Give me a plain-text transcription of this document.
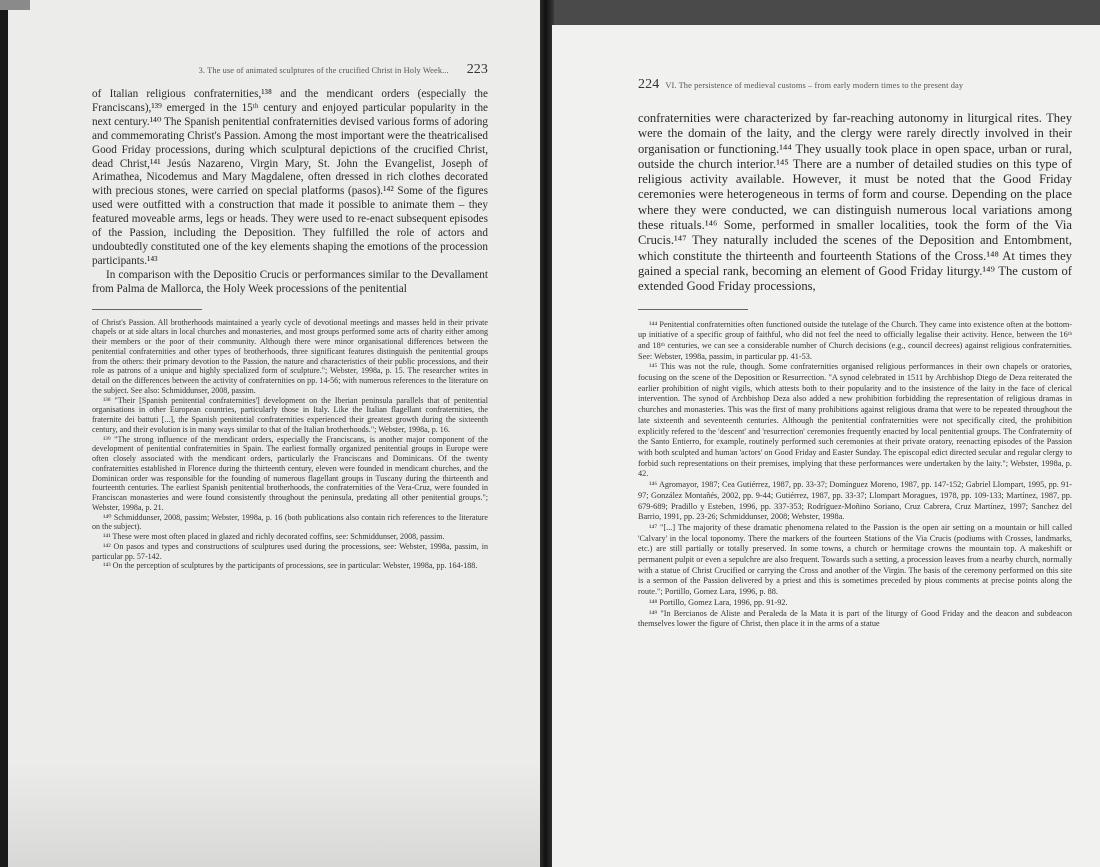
3. The use of animated sculptures of the crucified Christ in Holy Week... 223

of Italian religious confraternities,¹³⁸ and the mendicant orders (especially the Franciscans),¹³⁹ emerged in the 15ᵗʰ century and enjoyed particular popularity in the next century.¹⁴⁰ The Spanish penitential confraternities devised various forms of adoring and commemorating Christ's Passion. Among the most important were the theatricalised Good Friday processions, during which sculptural depictions of the crucified Christ, dead Christ,¹⁴¹ Jesús Nazareno, Virgin Mary, St. John the Evangelist, Joseph of Arimathea, Nicodemus and Mary Magdalene, often dressed in rich clothes decorated with precious stones, were carried on special platforms (pasos).¹⁴² Some of the figures used were outfitted with a construction that made it possible to animate them – they featured moveable arms, legs or heads. They were used to re-enact subsequent episodes of the Passion, including the Deposition. They fulfilled the role of actors and undoubtedly constituted one of the key elements shaping the emotions of the procession participants.¹⁴³

In comparison with the Depositio Crucis or performances similar to the Devallament from Palma de Mallorca, the Holy Week processions of the penitential

of Christ's Passion. All brotherhoods maintained a yearly cycle of devotional meetings and masses held in their private chapels or at side altars in local churches and monasteries, and most groups performed some acts of charity either among their members or the poor of their community. Although there were minor organisational differences between the penitential confraternities and other types of brotherhoods, three significant features distinguish the penitential groups from the others: their primary devotion to the Passion, the nature and characteristics of their public processions, and their role as patrons of a unique and highly specialized form of sculpture."; Webster, 1998a, p. 15. The researcher writes in detail on the differences between the activity of confraternities on pp. 14-56; with numerous references to the literature on the subject. See also: Schmiddunser, 2008, passim.

¹³⁸ "Their [Spanish penitential confraternities'] development on the Iberian peninsula parallels that of penitential organisations in other European countries, particularly those in Italy. Like the Italian flagellant confraternities, the fraternite dei battuti [...], the Spanish penitential confraternities experienced their greatest growth during the sixteenth century, and their evolution is in many ways similar to that of the Italian brotherhoods."; Webster, 1998a, p. 16.

¹³⁹ "The strong influence of the mendicant orders, especially the Franciscans, is another major component of the development of penitential confraternities in Spain. The earliest formally organized penitential groups in Europe were often closely associated with the mendicant orders, particularly the Franciscans and Dominicans. Of the twenty confraternities established in Florence during the thirteenth century, eleven were founded in mendicant churches, and the Dominican order was responsible for the founding of numerous flagellant groups in Tuscany during the thirteenth and fourteenth centuries. The earliest Spanish penitential brotherhoods, the confraternities of the Vera-Cruz, were founded in Franciscan monasteries and were found consistently throughout the peninsula, predating all other penitential groups."; Webster, 1998a, p. 21.

¹⁴⁰ Schmiddunser, 2008, passim; Webster, 1998a, p. 16 (both publications also contain rich references to the literature on the subject).

¹⁴¹ These were most often placed in glazed and richly decorated coffins, see: Schmiddunser, 2008, passim.

¹⁴² On pasos and types and constructions of sculptures used during the processions, see: Webster, 1998a, passim, in particular pp. 57-142.

¹⁴³ On the perception of sculptures by the participants of processions, see in particular: Webster, 1998a, pp. 164-188.

224 VI. The persistence of medieval customs – from early modern times to the present day

confraternities were characterized by far-reaching autonomy in liturgical rites. They were the domain of the laity, and the clergy were rarely directly involved in their organisation or functioning.¹⁴⁴ They usually took place in open space, urban or rural, outside the church interior.¹⁴⁵ There are a number of detailed studies on this type of religious activity available. However, it must be noted that the Good Friday ceremonies were heterogeneous in terms of form and course. Depending on the place where they were conducted, we can distinguish numerous local variations among these rituals.¹⁴⁶ Some, performed in smaller localities, took the form of the Via Crucis.¹⁴⁷ They naturally included the scenes of the Deposition and Entombment, which constitute the thirteenth and fourteenth Stations of the Cross.¹⁴⁸ At times they gained a special rank, becoming an element of Good Friday liturgy.¹⁴⁹ The custom of extended Good Friday processions,

¹⁴⁴ Penitential confraternities often functioned outside the tutelage of the Church. They came into existence often at the bottom-up initiative of a specific group of faithful, who did not feel the need to officially legalise their activity. Hence, between the 16ᵗʰ and 18ᵗʰ centuries, we can see a considerable number of Church decisions (e.g., council decrees) against religious confraternities. See: Webster, 1998a, passim, in particular pp. 41-53.

¹⁴⁵ This was not the rule, though. Some confraternities organised religious performances in their own chapels or oratories, focusing on the scene of the Deposition or Resurrection. "A synod celebrated in 1511 by Archbishop Diego de Deza reiterated the earlier prohibition of night vigils, which attests both to their popularity and to the insistence of the laity in the face of clerical intervention. The synod of Archbishop Deza also added a new prohibition forbidding the representation of religious dramas in churches and monasteries. This was the first of many prohibitions against religious drama that were to be repeated throughout the late sixteenth and seventeenth centuries. Although the penitential confraternities were not specifically cited, the prohibition explicitly refered to the 'descent' and 'resurrection' ceremonies frequently enacted by local penitential groups. The Confraternity of the Santo Entierro, for example, routinely performed such ceremonies at their private oratory, reenacting episodes of the Passion with both sculpted and human 'actors' on Good Friday and Easter Sunday. The episcopal edict directed secular and regular clergy to forbid such representations on their premises, implying that these performances were undertaken by the laity."; Webster, 1998a, p. 42.

¹⁴⁶ Agromayor, 1987; Cea Gutiérrez, 1987, pp. 33-37; Domínguez Moreno, 1987, pp. 147-152; Gabriel Llompart, 1995, pp. 91-97; González Montañés, 2002, pp. 9-44; Gutiérrez, 1987, pp. 33-37; Llompart Moragues, 1978, pp. 109-133; Martínez, 1987, pp. 679-689; Pradillo y Esteben, 1996, pp. 337-353; Rodríguez-Moñino Soriano, Cruz Cabrera, Cruz Martínez, 1997; Sanchez del Barrio, 1991, pp. 23-26; Schmiddunser, 2008; Webster, 1998a.

¹⁴⁷ "[...] The majority of these dramatic phenomena related to the Passion is the open air setting on a mountain or hill called 'Calvary' in the local toponomy. There the markers of the fourteen Stations of the Via Crucis (podiums with Crosses, landmarks, etc.) are still partially or totally preserved. In some towns, a church or hermitage crowns the mountain top. A makeshift or permanent pulpit or even a sepulchre are also frequent. Towards such a setting, a procession leaves from a nearby church, normally with a statue of Christ Crucified or carrying the Cross and another of the Virgin. The basis of the ceremony performed on this site is a sermon of the Passion delivered by a priest and this is sometimes preceded by pious comments at precise points along the route."; Portillo, Gomez Lara, 1996, p. 88.

¹⁴⁸ Portillo, Gomez Lara, 1996, pp. 91-92.

¹⁴⁹ "In Bercianos de Aliste and Peraleda de la Mata it is part of the liturgy of Good Friday and the deacon and subdeacon themselves lower the figure of Christ, then place it in the arms of a statue
